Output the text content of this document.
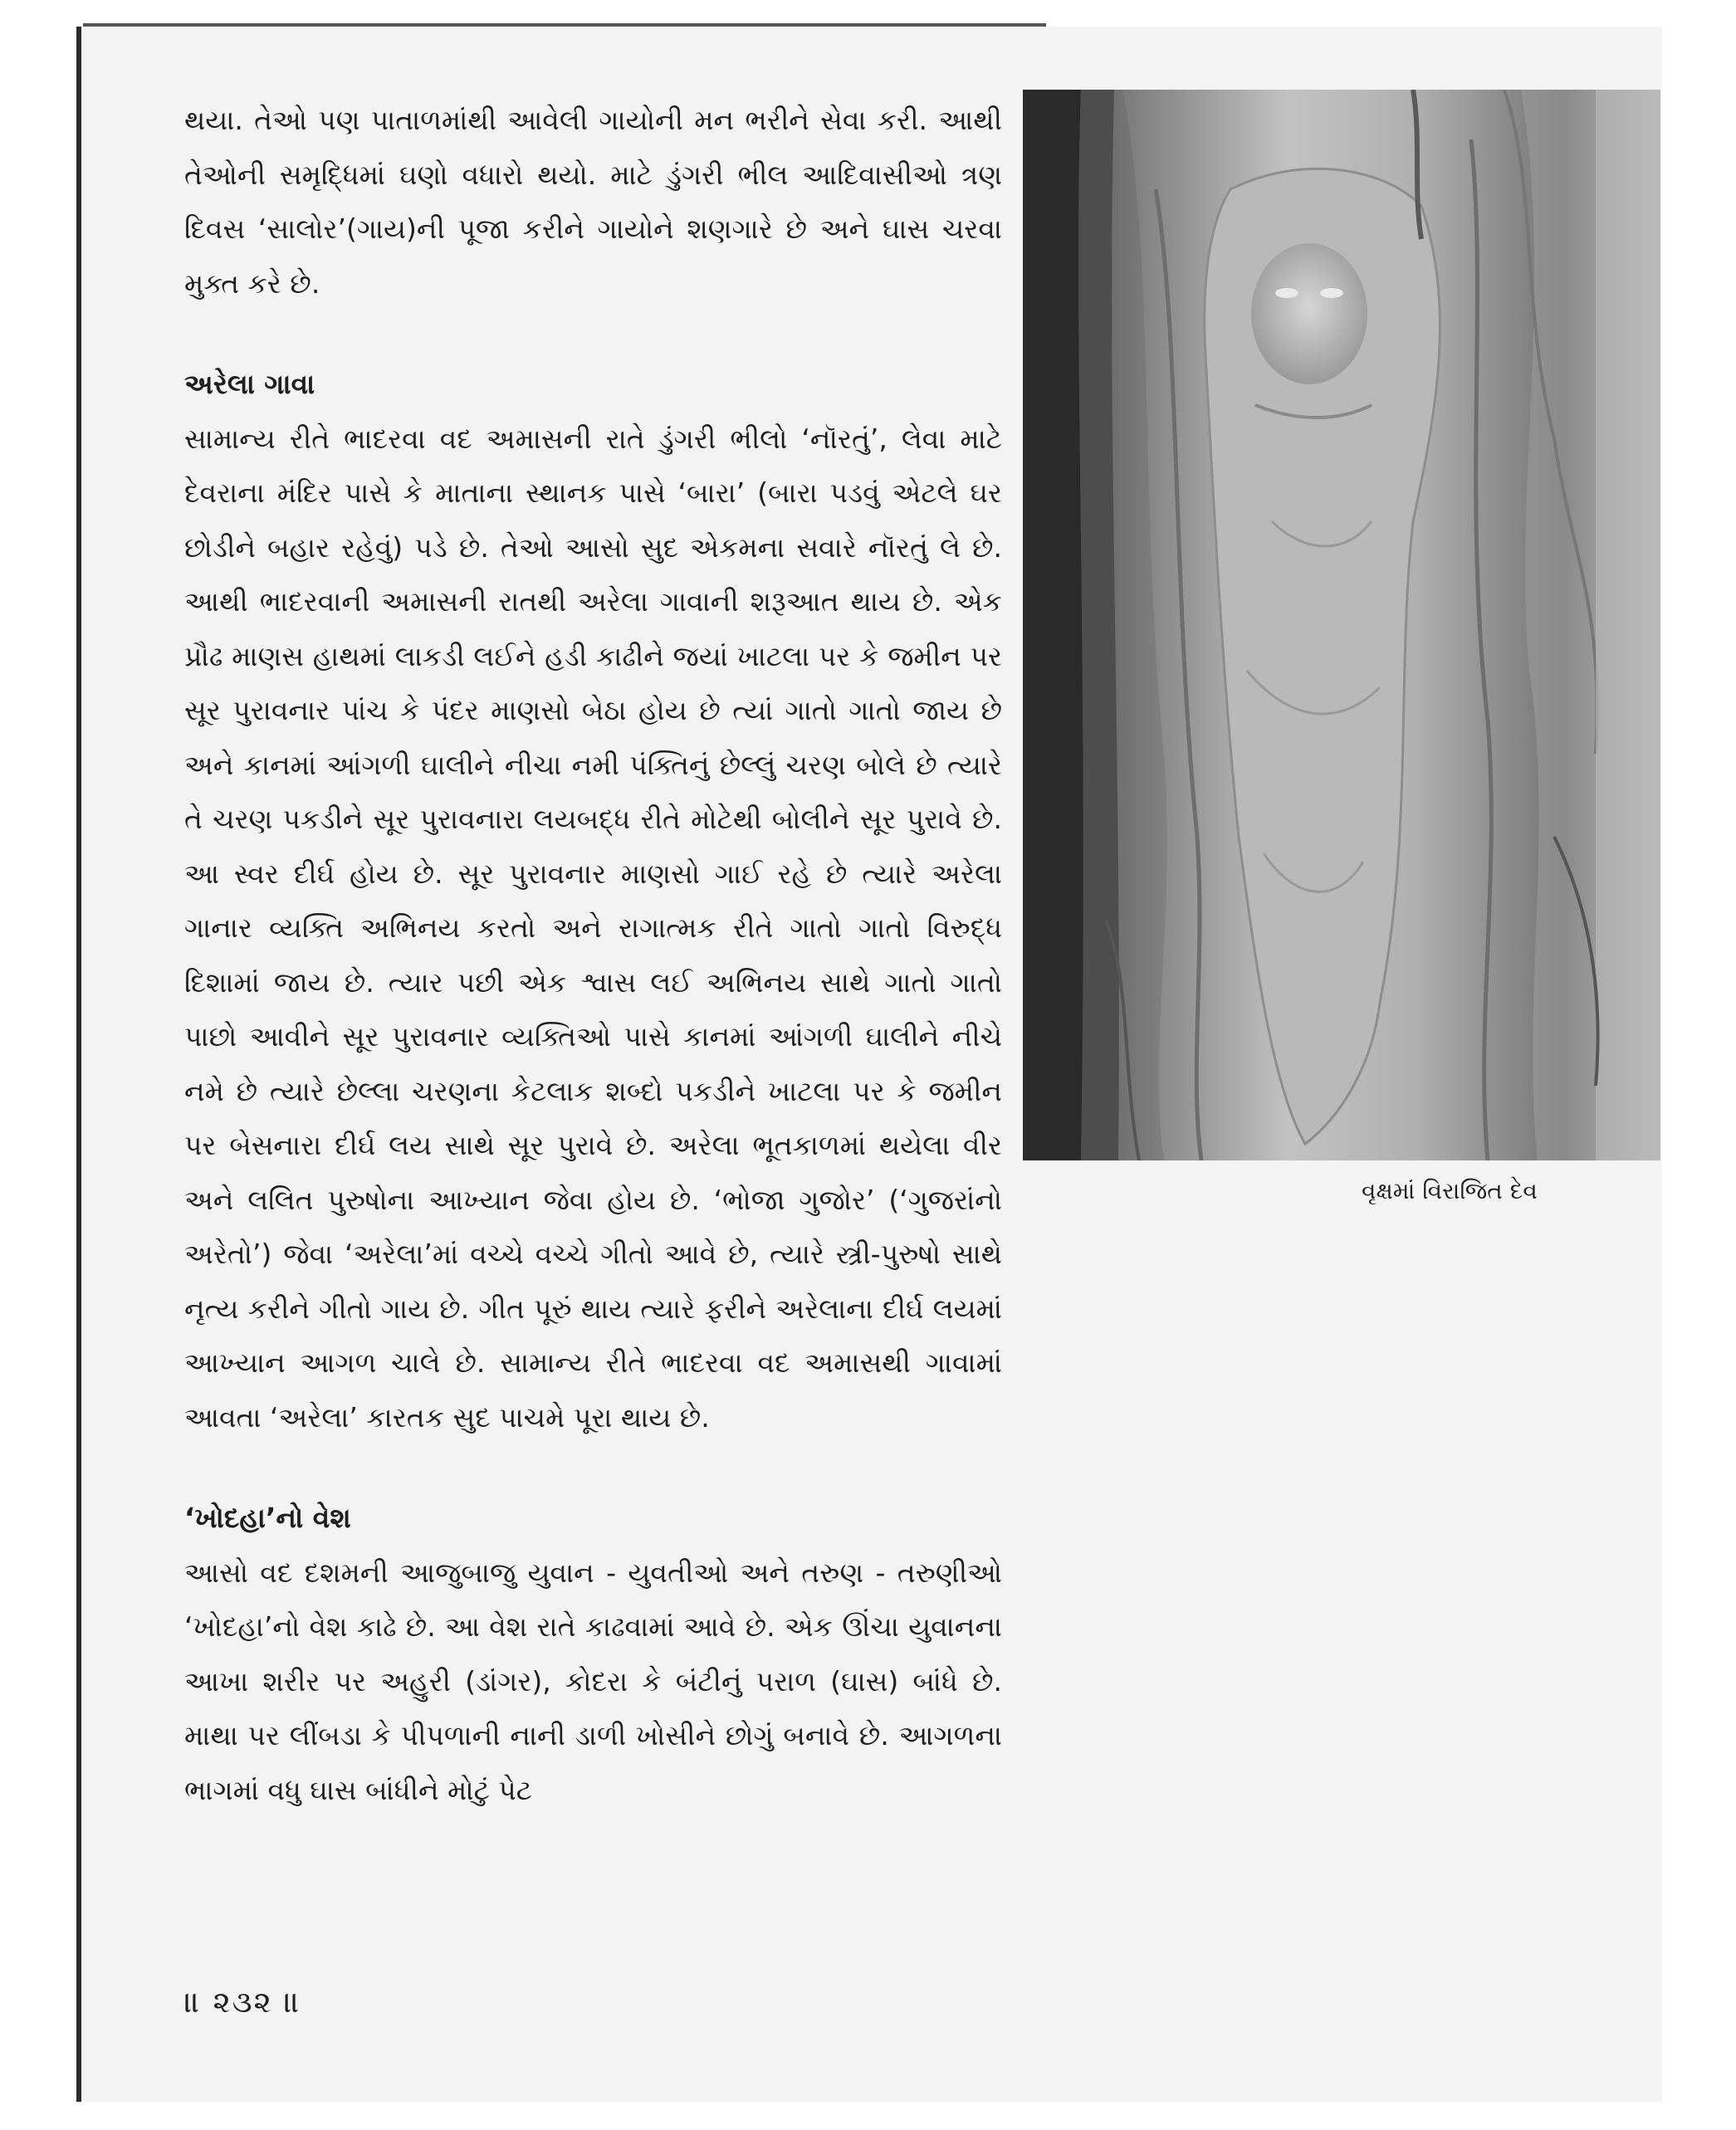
થયા. તેઓ પણ પાતાળમાંથી આવેલી ગાયોની મન ભરીને સેવા કરી. આથી તેઓની સમૃદ્ધિમાં ઘણો વધારો થયો. માટે ડુંગરી ભીલ આદિવાસીઓ ત્રણ દિવસ ‘સાલોર’(ગાય)ની પૂજા કરીને ગાયોને શણગારે છે અને ઘાસ ચરવા મુક્ત કરે છે.

અરેલા ગાવા

સામાન્ય રીતે ભાદરવા વદ અમાસની રાતે ડુંગરી ભીલો ‘નૉરતું’, લેવા માટે દેવરાના મંદિર પાસે કે માતાના સ્થાનક પાસે ‘બારા’ (બારા પડવું એટલે ઘર છોડીને બહાર રહેવું) પડે છે. તેઓ આસો સુદ એકમના સવારે નૉરતું લે છે. આથી ભાદરવાની અમાસની રાતથી અરેલા ગાવાની શરૂઆત થાય છે. એક પ્રૌઢ માણસ હાથમાં લાકડી લઈને હડી કાઢીને જયાં ખાટલા પર કે જમીન પર સૂર પુરાવનાર પાંચ કે પંદર માણસો બેઠા હોય છે ત્યાં ગાતો ગાતો જાય છે અને કાનમાં આંગળી ઘાલીને નીચા નમી પંક્તિનું છેલ્લું ચરણ બોલે છે ત્યારે તે ચરણ પકડીને સૂર પુરાવનારા લયબદ્ધ રીતે મોટેથી બોલીને સૂર પુરાવે છે. આ સ્વર દીર્ઘ હોય છે. સૂર પુરાવનાર માણસો ગાઈ રહે છે ત્યારે અરેલા ગાનાર વ્યક્તિ અભિનય કરતો અને રાગાત્મક રીતે ગાતો ગાતો વિરુદ્ધ દિશામાં જાય છે. ત્યાર પછી એક શ્વાસ લઈ અભિનય સાથે ગાતો ગાતો પાછો આવીને સૂર પુરાવનાર વ્યક્તિઓ પાસે કાનમાં આંગળી ઘાલીને નીચે નમે છે ત્યારે છેલ્લા ચરણના કેટલાક શબ્દો પકડીને ખાટલા પર કે જમીન પર બેસનારા દીર્ઘ લય સાથે સૂર પુરાવે છે. અરેલા ભૂતકાળમાં થયેલા વીર અને લલિત પુરુષોના આખ્યાન જેવા હોય છે. ‘ભોજા ગુજોર’ (‘ગુજરાંનો અરેતો’) જેવા ‘અરેલા’માં વચ્ચે વચ્ચે ગીતો આવે છે, ત્યારે સ્ત્રી-પુરુષો સાથે નૃત્ય કરીને ગીતો ગાય છે. ગીત પૂરું થાય ત્યારે ફરીને અરેલાના દીર્ઘ લયમાં આખ્યાન આગળ ચાલે છે. સામાન્ય રીતે ભાદરવા વદ અમાસથી ગાવામાં આવતા ‘અરેલા’ કારતક સુદ પાચમે પૂરા થાય છે.

‘ખોદહા’નો વેશ

આસો વદ દશમની આજુબાજુ યુવાન - યુવતીઓ અને તરુણ - તરુણીઓ ‘ખોદહા’નો વેશ કાઢે છે. આ વેશ રાતે કાઢવામાં આવે છે. એક ઊંચા યુવાનના આખા શરીર પર અહુરી (ડાંગર), કોદરા કે બંટીનું પરાળ (ઘાસ) બાંધે છે. માથા પર લીંબડા કે પીપળાની નાની ડાળી ખોસીને છોગું બનાવે છે. આગળના ભાગમાં વધુ ઘાસ બાંધીને મોટું પેટ

વૃક્ષમાં વિરાજિત દેવ
॥ ૨૩૨ ॥
